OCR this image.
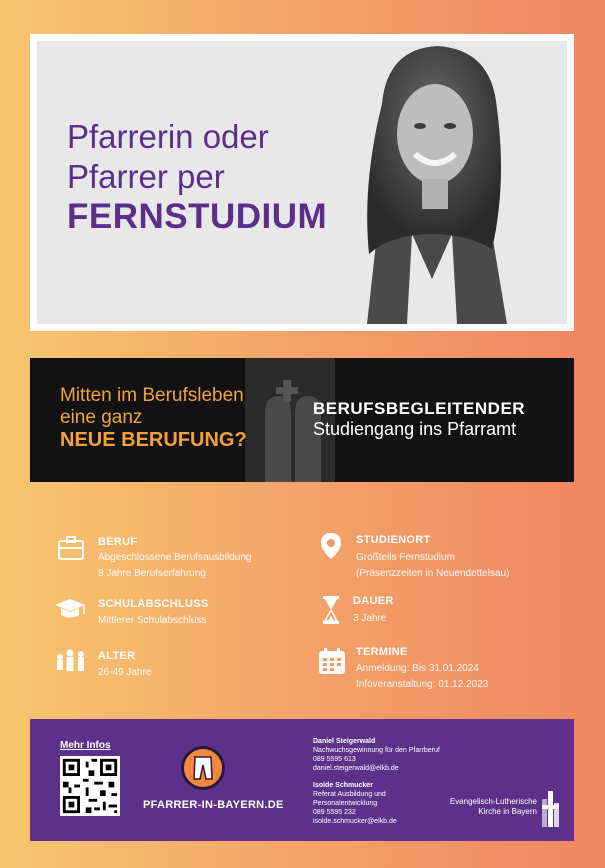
Pfarrerin oder
Pfarrer per
FERNSTUDIUM
Mitten im Berufsleben
eine ganz
NEUE BERUFUNG?
BERUFSBEGLEITENDER
Studiengang ins Pfarramt
BERUF
Abgeschlossene Berufsausbildung
8 Jahre Berufserfahrung
SCHULABSCHLUSS
Mittlerer Schulabschluss
ALTER
26-49 Jahre
STUDIENORT
Großteils Fernstudium
(Präsenzzeiten in Neuendettelsau)
DAUER
3 Jahre
TERMINE
Anmeldung: Bis 31.01.2024
Infoveranstaltung: 01.12.2023
Mehr Infos
PFARRER-IN-BAYERN.DE
Daniel Steigerwald
Nachwuchsgewinnung für den Pfarrberuf
089 5595 613
daniel.steigerwald@elkb.de
Isolde Schmucker
Referat Ausbildung und
Personalentwicklung
089 5595 232
isolde.schmucker@elkb.de
Evangelisch-Lutherische
Kirche in Bayern
